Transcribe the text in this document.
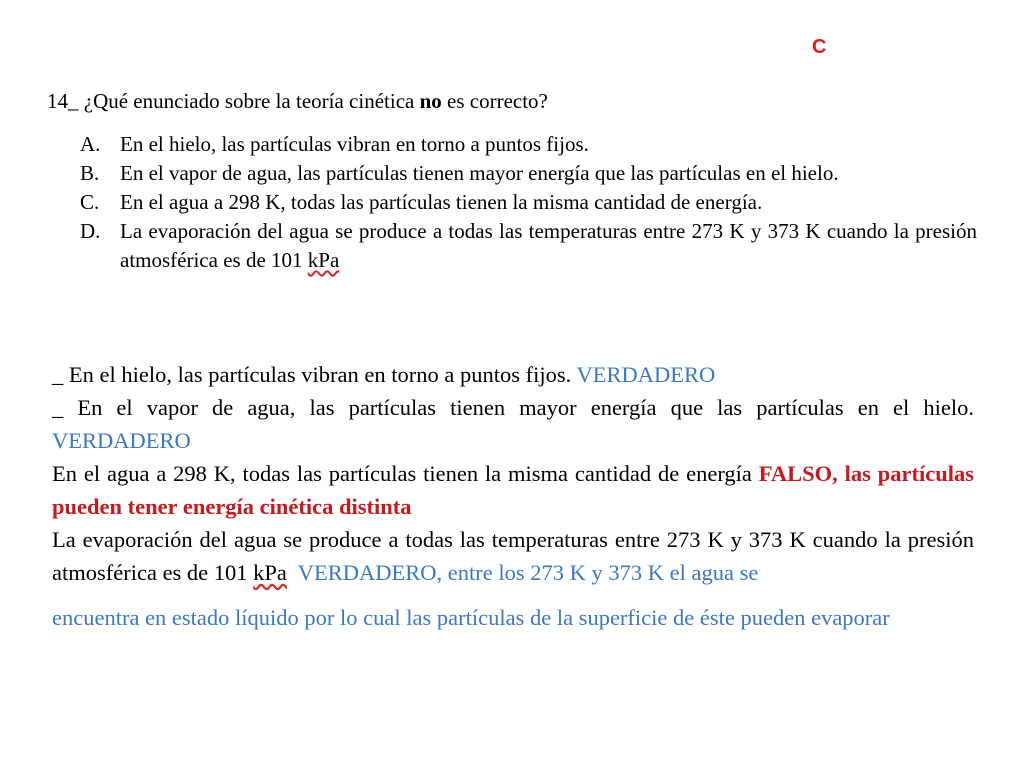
C

14_ ¿Qué enunciado sobre la teoría cinética no es correcto?

A. En el hielo, las partículas vibran en torno a puntos fijos.
B. En el vapor de agua, las partículas tienen mayor energía que las partículas en el hielo.
C. En el agua a 298 K, todas las partículas tienen la misma cantidad de energía.
D. La evaporación del agua se produce a todas las temperaturas entre 273 K y 373 K cuando la presión atmosférica es de 101 kPa

_ En el hielo, las partículas vibran en torno a puntos fijos. VERDADERO

_ En el vapor de agua, las partículas tienen mayor energía que las partículas en el hielo. VERDADERO

En el agua a 298 K, todas las partículas tienen la misma cantidad de energía FALSO, las partículas pueden tener energía cinética distinta

La evaporación del agua se produce a todas las temperaturas entre 273 K y 373 K cuando la presión atmosférica es de 101 kPa  VERDADERO, entre los 273 K y 373 K el agua se

encuentra en estado líquido por lo cual las partículas de la superficie de éste pueden evaporar
